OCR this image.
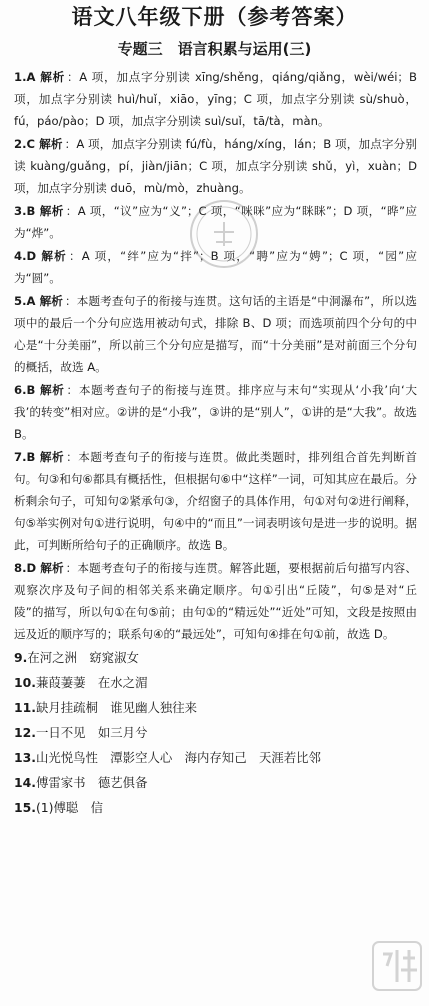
语文八年级下册（参考答案）
专题三　语言积累与运用(三)
1.A 解析 ：A 项，加点字分别读 xīng/shěng，qiáng/qiǎng，wèi/wéi；B 项，加点字分别读 huì/huǐ，xiāo，yīng；C 项，加点字分别读 sù/shuò，fú，páo/pào；D 项，加点字分别读 suì/suǐ，tā/tà，màn。
2.C 解析 ：A 项，加点字分别读 fú/fù，háng/xíng，lán；B 项，加点字分别读 kuàng/guǎng，pí，jiàn/jiān；C 项，加点字分别读 shǔ，yì，xuàn；D 项，加点字分别读 duō，mù/mò，zhuàng。
3.B 解析 ：A 项，“议”应为“义”；C 项，“咪咪”应为“眯眯”；D 项，“晔”应为“烨”。
4.D 解析 ：A 项，“绊”应为“拌”；B 项，“聘”应为“娉”；C 项，“园”应为“圆”。
5.A 解析 ：本题考查句子的衔接与连贯。这句话的主语是“中洞瀑布”，所以选项中的最后一个分句应选用被动句式，排除 B、D 项；而选项前四个分句的中心是“十分美丽”，所以前三个分句应是描写，而“十分美丽”是对前面三个分句的概括，故选 A。
6.B 解析 ：本题考查句子的衔接与连贯。排序应与末句“实现从‘小我’向‘大我’的转变”相对应。②讲的是“小我”，③讲的是“别人”，①讲的是“大我”。故选 B。
7.B 解析 ：本题考查句子的衔接与连贯。做此类题时，排列组合首先判断首句。句③和句⑥都具有概括性，但根据句⑥中“这样”一词，可知其应在最后。分析剩余句子，可知句②紧承句③，介绍窗子的具体作用，句①对句②进行阐释，句⑤举实例对句①进行说明，句④中的“而且”一词表明该句是进一步的说明。据此，可判断所给句子的正确顺序。故选 B。
8.D 解析 ：本题考查句子的衔接与连贯。解答此题，要根据前后句描写内容、观察次序及句子间的相邻关系来确定顺序。句①引出“丘陵”，句⑤是对“丘陵”的描写，所以句①在句⑤前；由句①的“精远处”“近处”可知，文段是按照由远及近的顺序写的；联系句④的“最远处”，可知句④排在句①前，故选 D。
9.在河之洲　窈窕淑女
10.蒹葭萋萋　在水之湄
11.缺月挂疏桐　谁见幽人独往来
12.一日不见　如三月兮
13.山光悦鸟性　潭影空人心　海内存知己　天涯若比邻
14.傅雷家书　德艺俱备
15.(1)傅聪　信
